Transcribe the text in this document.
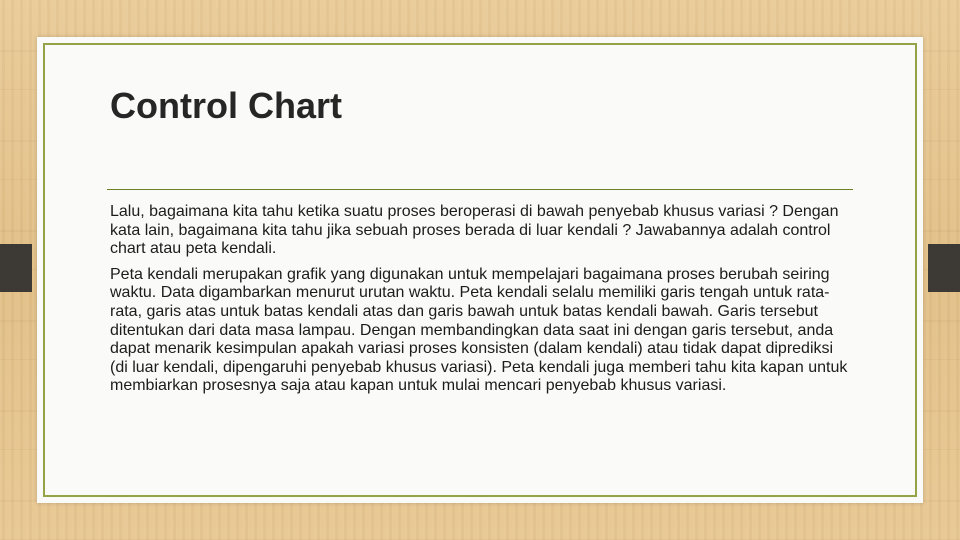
Control Chart

Lalu, bagaimana kita tahu ketika suatu proses beroperasi di bawah penyebab khusus variasi ? Dengan kata lain, bagaimana kita tahu jika sebuah proses berada di luar kendali ? Jawabannya adalah control chart atau peta kendali.

Peta kendali merupakan grafik yang digunakan untuk mempelajari bagaimana proses berubah seiring waktu. Data digambarkan menurut urutan waktu. Peta kendali selalu memiliki garis tengah untuk rata-rata, garis atas untuk batas kendali atas dan garis bawah untuk batas kendali bawah. Garis tersebut ditentukan dari data masa lampau. Dengan membandingkan data saat ini dengan garis tersebut, anda dapat menarik kesimpulan apakah variasi proses konsisten (dalam kendali) atau tidak dapat diprediksi (di luar kendali, dipengaruhi penyebab khusus variasi). Peta kendali juga memberi tahu kita kapan untuk membiarkan prosesnya saja atau kapan untuk mulai mencari penyebab khusus variasi.
